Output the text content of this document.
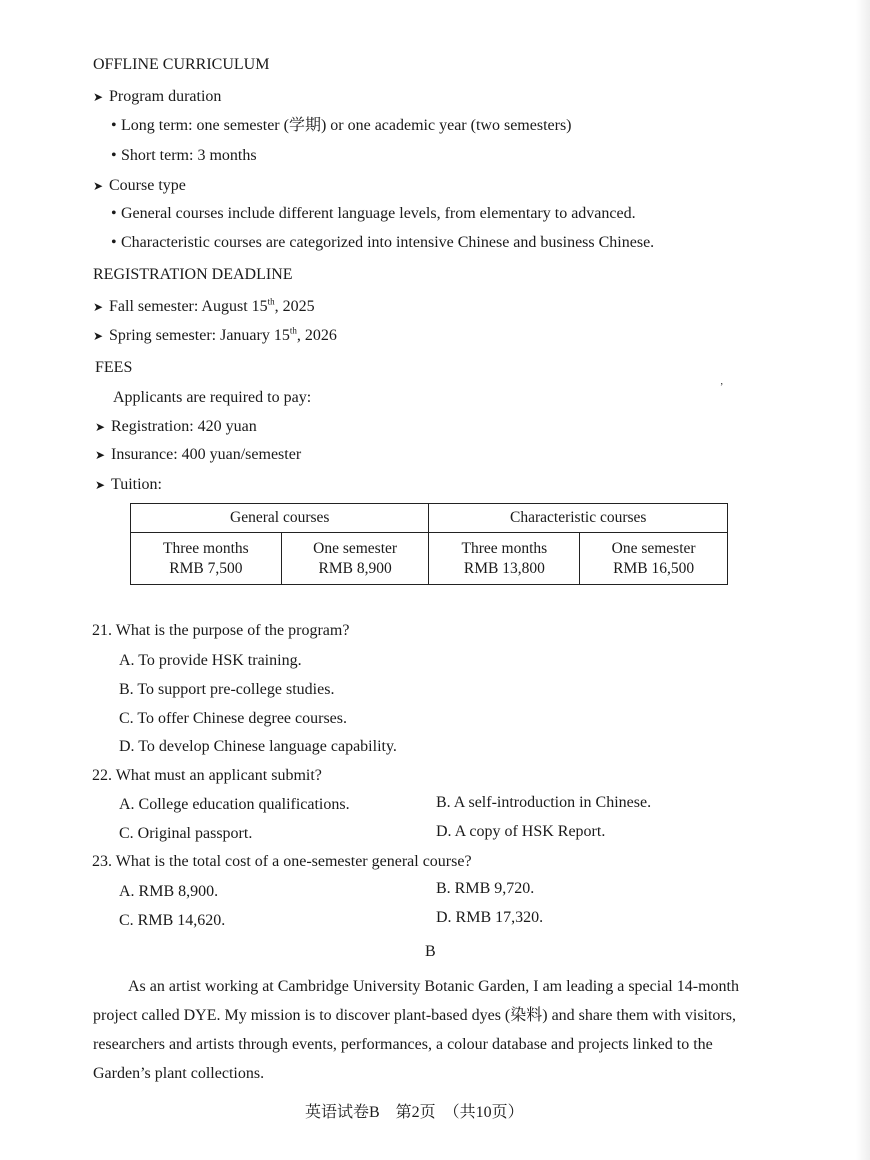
OFFLINE CURRICULUM
➤ Program duration
• Long term: one semester (学期) or one academic year (two semesters)
• Short term: 3 months
➤ Course type
• General courses include different language levels, from elementary to advanced.
• Characteristic courses are categorized into intensive Chinese and business Chinese.
REGISTRATION DEADLINE
➤ Fall semester: August 15th, 2025
➤ Spring semester: January 15th, 2026
FEES
Applicants are required to pay:
’
➤ Registration: 420 yuan
➤ Insurance: 400 yuan/semester
➤ Tuition:
General courses		Characteristic courses	
Three months
RMB 7,500	One semester
RMB 8,900	Three months
RMB 13,800	One semester
RMB 16,500
21. What is the purpose of the program?
A. To provide HSK training.
B. To support pre-college studies.
C. To offer Chinese degree courses.
D. To develop Chinese language capability.
22. What must an applicant submit?
A. College education qualifications.	B. A self-introduction in Chinese.
C. Original passport.	D. A copy of HSK Report.
23. What is the total cost of a one-semester general course?
A. RMB 8,900.	B. RMB 9,720.
C. RMB 14,620.	D. RMB 17,320.
B
As an artist working at Cambridge University Botanic Garden, I am leading a special 14-month
project called DYE. My mission is to discover plant-based dyes (染料) and share them with visitors,
researchers and artists through events, performances, a colour database and projects linked to the
Garden’s plant collections.
英语试卷B　第2页　（共10页）
